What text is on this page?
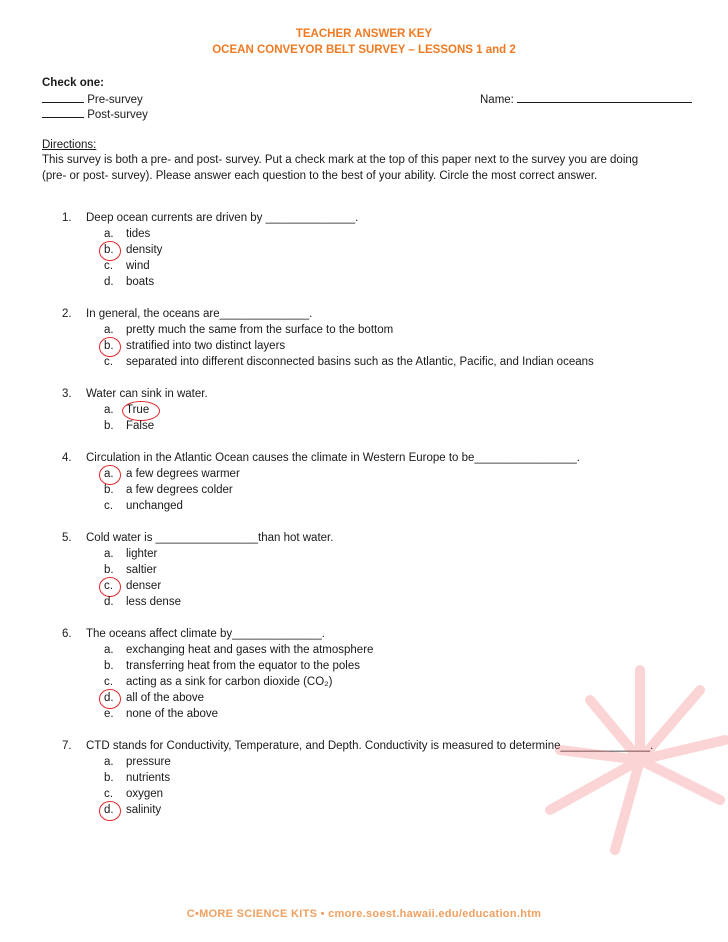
TEACHER ANSWER KEY
OCEAN CONVEYOR BELT SURVEY – LESSONS 1 and 2
Check one:
Pre-survey
Post-survey
Name:
Directions:
This survey is both a pre- and post- survey. Put a check mark at the top of this paper next to the survey you are doing
(pre- or post- survey). Please answer each question to the best of your ability. Circle the most correct answer.
1. Deep ocean currents are driven by ______________.
a. tides
b. density
c. wind
d. boats
2. In general, the oceans are______________.
a. pretty much the same from the surface to the bottom
b. stratified into two distinct layers
c. separated into different disconnected basins such as the Atlantic, Pacific, and Indian oceans
3. Water can sink in water.
a. True
b. False
4. Circulation in the Atlantic Ocean causes the climate in Western Europe to be________________.
a. a few degrees warmer
b. a few degrees colder
c. unchanged
5. Cold water is ________________than hot water.
a. lighter
b. saltier
c. denser
d. less dense
6. The oceans affect climate by______________.
a. exchanging heat and gases with the atmosphere
b. transferring heat from the equator to the poles
c. acting as a sink for carbon dioxide (CO₂)
d. all of the above
e. none of the above
7. CTD stands for Conductivity, Temperature, and Depth. Conductivity is measured to determine______________.
a. pressure
b. nutrients
c. oxygen
d. salinity
C•MORE SCIENCE KITS • cmore.soest.hawaii.edu/education.htm
